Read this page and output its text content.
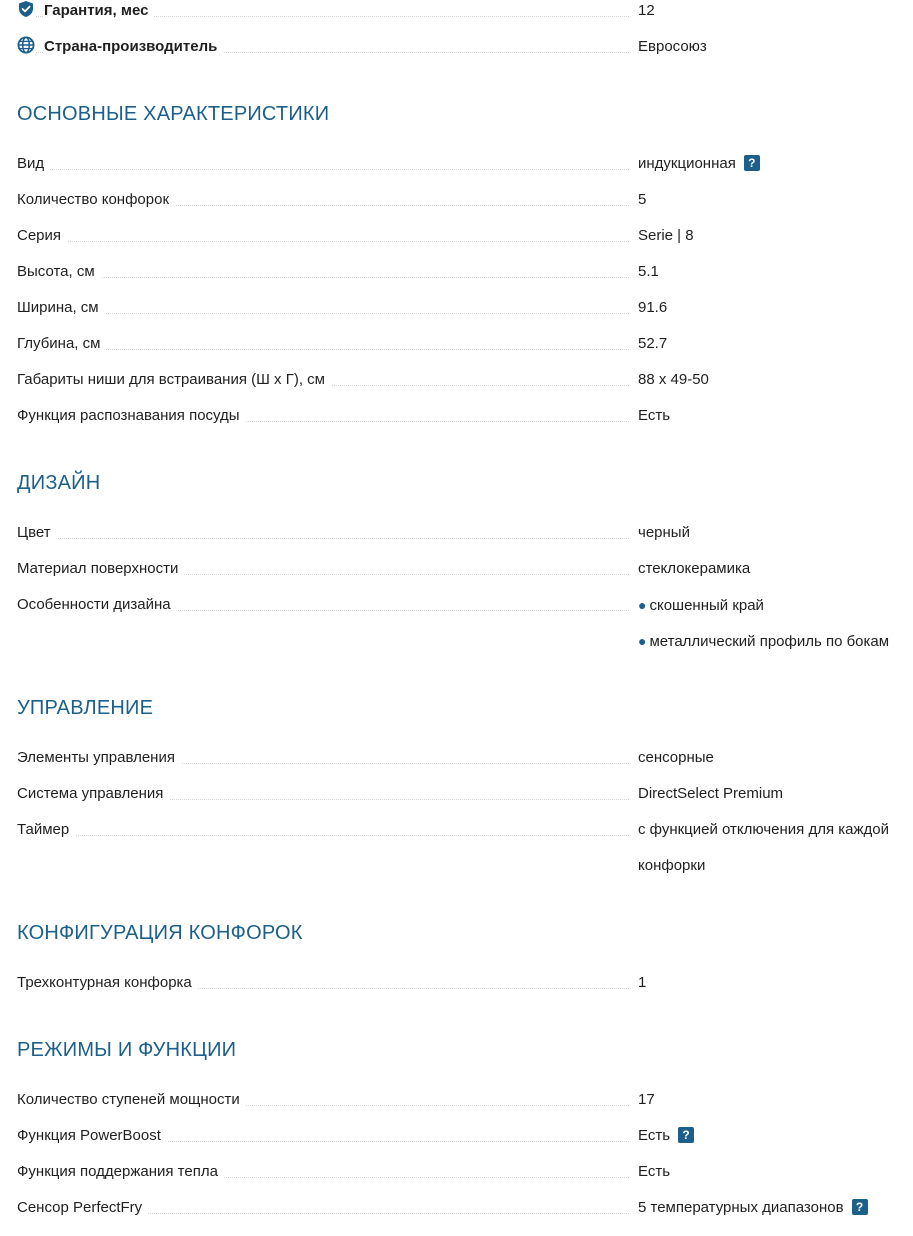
Гарантия, мес	12
Страна-производитель	Евросоюз
ОСНОВНЫЕ ХАРАКТЕРИСТИКИ
Вид	индукционная ?
Количество конфорок	5
Серия	Serie | 8
Высота, см	5.1
Ширина, см	91.6
Глубина, см	52.7
Габариты ниши для встраивания (Ш х Г), см	88 x 49-50
Функция распознавания посуды	Есть
ДИЗАЙН
Цвет	черный
Материал поверхности	стеклокерамика
Особенности дизайна	● скошенный край
● металлический профиль по бокам
УПРАВЛЕНИЕ
Элементы управления	сенсорные
Система управления	DirectSelect Premium
Таймер	с функцией отключения для каждой
конфорки
КОНФИГУРАЦИЯ КОНФОРОК
Трехконтурная конфорка	1
РЕЖИМЫ И ФУНКЦИИ
Количество ступеней мощности	17
Функция PowerBoost	Есть ?
Функция поддержания тепла	Есть
Сенсор PerfectFry	5 температурных диапазонов ?
